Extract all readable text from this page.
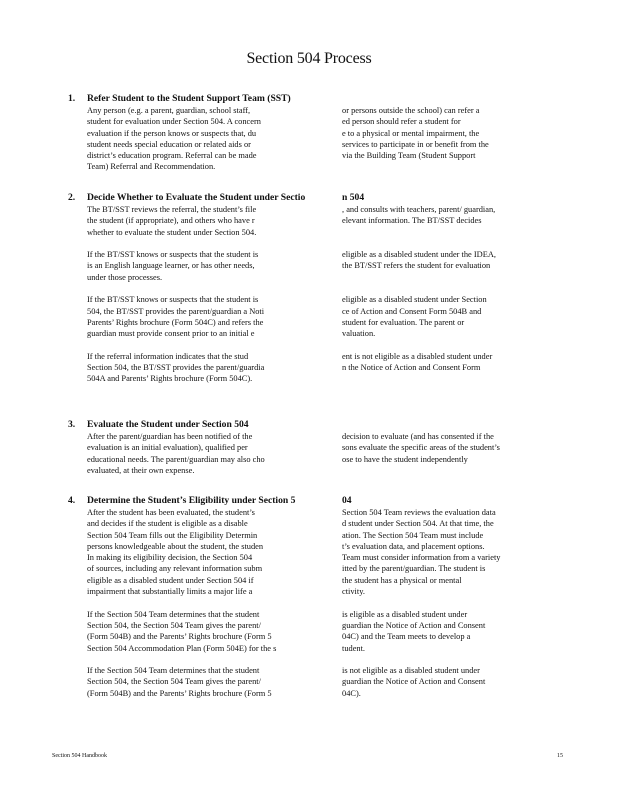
Section 504 Process
1. Refer Student to the Student Support Team (SST)
Any person (e.g. a parent, guardian, school staff,	or persons outside the school) can refer a
student for evaluation under Section 504. A concern	ed person should refer a student for
evaluation if the person knows or suspects that, du	e to a physical or mental impairment, the
student needs special education or related aids or	services to participate in or benefit from the
district’s education program. Referral can be made	via the Building Team (Student Support
Team) Referral and Recommendation.
2. Decide Whether to Evaluate the Student under Sectio	n 504
The BT/SST reviews the referral, the student’s file	, and consults with teachers, parent/ guardian,
the student (if appropriate), and others who have r	elevant information. The BT/SST decides
whether to evaluate the student under Section 504.
If the BT/SST knows or suspects that the student is	eligible as a disabled student under the IDEA,
is an English language learner, or has other needs,	the BT/SST refers the student for evaluation
under those processes.
If the BT/SST knows or suspects that the student is	eligible as a disabled student under Section
504, the BT/SST provides the parent/guardian a Noti	ce of Action and Consent Form 504B and
Parents’ Rights brochure (Form 504C) and refers the	student for evaluation. The parent or
guardian must provide consent prior to an initial e	valuation.
If the referral information indicates that the stud	ent is not eligible as a disabled student under
Section 504, the BT/SST provides the parent/guardia	n the Notice of Action and Consent Form
504A and Parents’ Rights brochure (Form 504C).
3. Evaluate the Student under Section 504
After the parent/guardian has been notified of the	decision to evaluate (and has consented if the
evaluation is an initial evaluation), qualified per	sons evaluate the specific areas of the student’s
educational needs. The parent/guardian may also cho	ose to have the student independently
evaluated, at their own expense.
4. Determine the Student’s Eligibility under Section 5	04
After the student has been evaluated, the student’s	Section 504 Team reviews the evaluation data
and decides if the student is eligible as a disable	d student under Section 504. At that time, the
Section 504 Team fills out the Eligibility Determin	ation. The Section 504 Team must include
persons knowledgeable about the student, the studen	t’s evaluation data, and placement options.
In making its eligibility decision, the Section 504	Team must consider information from a variety
of sources, including any relevant information subm	itted by the parent/guardian. The student is
eligible as a disabled student under Section 504 if	the student has a physical or mental
impairment that substantially limits a major life a	ctivity.
If the Section 504 Team determines that the student	is eligible as a disabled student under
Section 504, the Section 504 Team gives the parent/	guardian the Notice of Action and Consent
(Form 504B) and the Parents’ Rights brochure (Form 5	04C) and the Team meets to develop a
Section 504 Accommodation Plan (Form 504E) for the s	tudent.
If the Section 504 Team determines that the student	is not eligible as a disabled student under
Section 504, the Section 504 Team gives the parent/	guardian the Notice of Action and Consent
(Form 504B) and the Parents’ Rights brochure (Form 5	04C).
Section 504 Handbook	15
